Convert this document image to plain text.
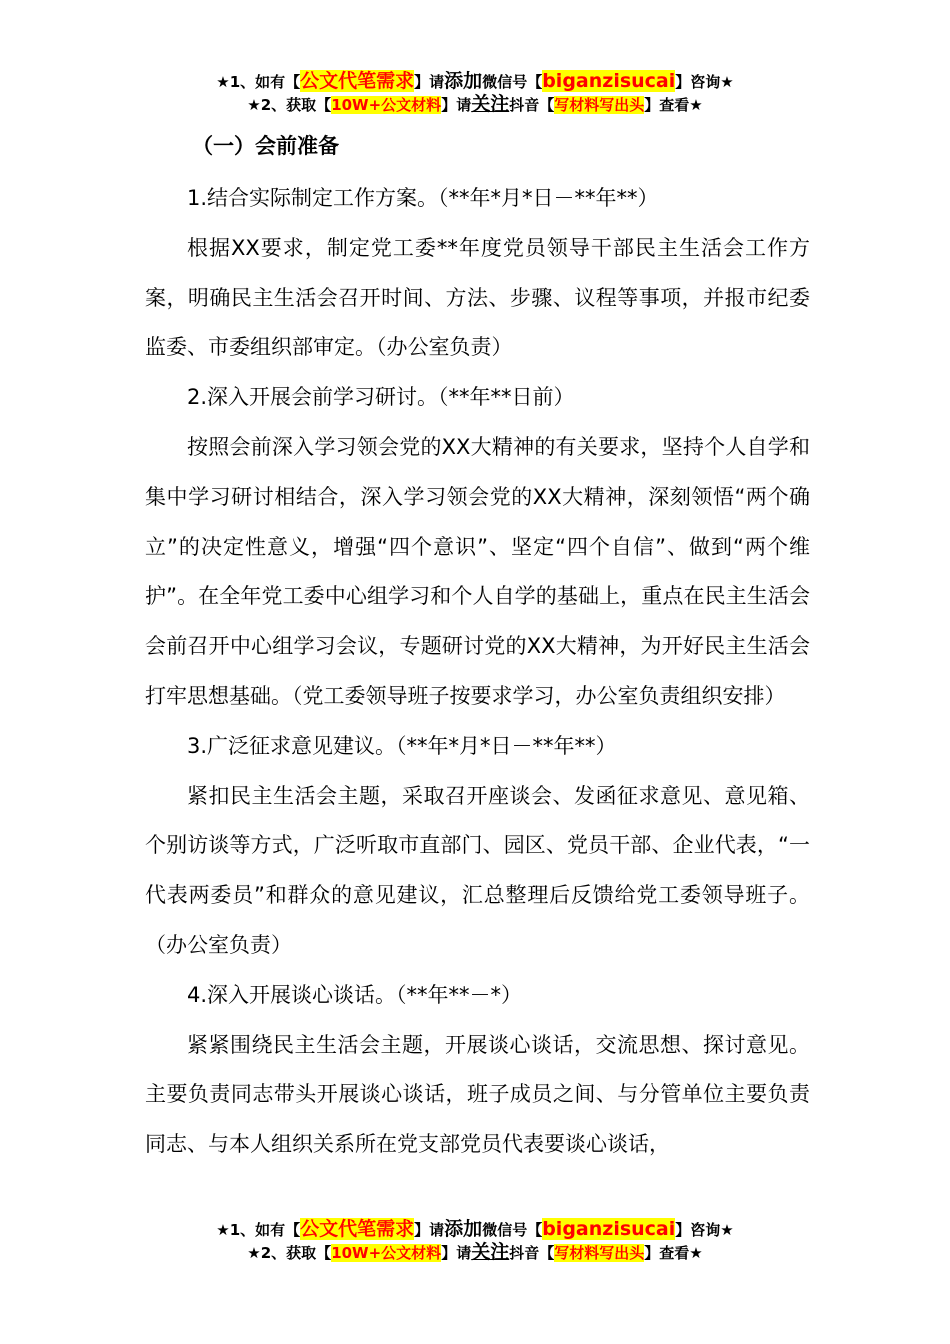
★1、如有【公文代笔需求】请添加微信号【biganzisucai】咨询★
★2、获取【10W+公文材料】请关注抖音【写材料写出头】查看★
（一）会前准备

1.结合实际制定工作方案。（**年*月*日－**年**）

根据XX要求，制定党工委**年度党员领导干部民主生活会工作方案，明确民主生活会召开时间、方法、步骤、议程等事项，并报市纪委监委、市委组织部审定。（办公室负责）

2.深入开展会前学习研讨。（**年**日前）

按照会前深入学习领会党的XX大精神的有关要求，坚持个人自学和集中学习研讨相结合，深入学习领会党的XX大精神，深刻领悟“两个确立”的决定性意义，增强“四个意识”、坚定“四个自信”、做到“两个维护”。在全年党工委中心组学习和个人自学的基础上，重点在民主生活会会前召开中心组学习会议，专题研讨党的XX大精神，为开好民主生活会打牢思想基础。（党工委领导班子按要求学习，办公室负责组织安排）

3.广泛征求意见建议。（**年*月*日－**年**）

紧扣民主生活会主题，采取召开座谈会、发函征求意见、意见箱、个别访谈等方式，广泛听取市直部门、园区、党员干部、企业代表，“一代表两委员”和群众的意见建议，汇总整理后反馈给党工委领导班子。（办公室负责）

4.深入开展谈心谈话。（**年**－*）

紧紧围绕民主生活会主题，开展谈心谈话，交流思想、探讨意见。主要负责同志带头开展谈心谈话，班子成员之间、与分管单位主要负责同志、与本人组织关系所在党支部党员代表要谈心谈话，

★1、如有【公文代笔需求】请添加微信号【biganzisucai】咨询★
★2、获取【10W+公文材料】请关注抖音【写材料写出头】查看★
